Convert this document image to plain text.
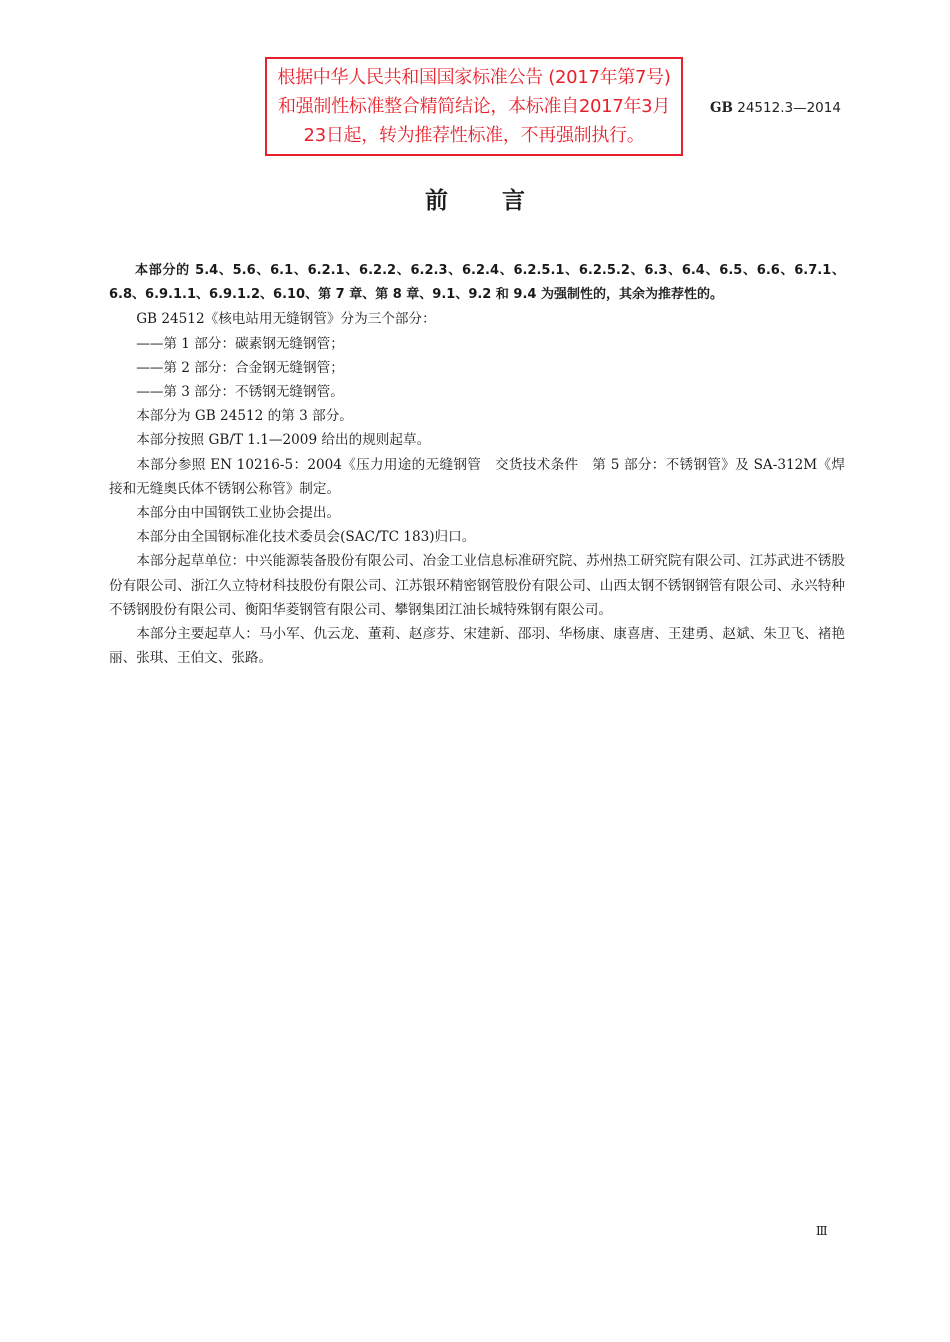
根据中华人民共和国国家标准公告 (2017年第7号) 和强制性标准整合精简结论，本标准自2017年3月23日起，转为推荐性标准，不再强制执行。
GB 24512.3—2014
前言

本部分的 5.4、5.6、6.1、6.2.1、6.2.2、6.2.3、6.2.4、6.2.5.1、6.2.5.2、6.3、6.4、6.5、6.6、6.7.1、6.8、6.9.1.1、6.9.1.2、6.10、第 7 章、第 8 章、9.1、9.2 和 9.4 为强制性的，其余为推荐性的。

GB 24512《核电站用无缝钢管》分为三个部分：

——第 1 部分：碳素钢无缝钢管；

——第 2 部分：合金钢无缝钢管；

——第 3 部分：不锈钢无缝钢管。

本部分为 GB 24512 的第 3 部分。

本部分按照 GB/T 1.1—2009 给出的规则起草。

本部分参照 EN 10216-5：2004《压力用途的无缝钢管　交货技术条件　第 5 部分：不锈钢管》及 SA-312M《焊接和无缝奥氏体不锈钢公称管》制定。

本部分由中国钢铁工业协会提出。

本部分由全国钢标准化技术委员会(SAC/TC 183)归口。

本部分起草单位：中兴能源装备股份有限公司、冶金工业信息标准研究院、苏州热工研究院有限公司、江苏武进不锈股份有限公司、浙江久立特材科技股份有限公司、江苏银环精密钢管股份有限公司、山西太钢不锈钢钢管有限公司、永兴特种不锈钢股份有限公司、衡阳华菱钢管有限公司、攀钢集团江油长城特殊钢有限公司。

本部分主要起草人：马小军、仇云龙、董莉、赵彦芬、宋建新、邵羽、华杨康、康喜唐、王建勇、赵斌、朱卫飞、褚艳丽、张琪、王伯文、张路。

Ⅲ
